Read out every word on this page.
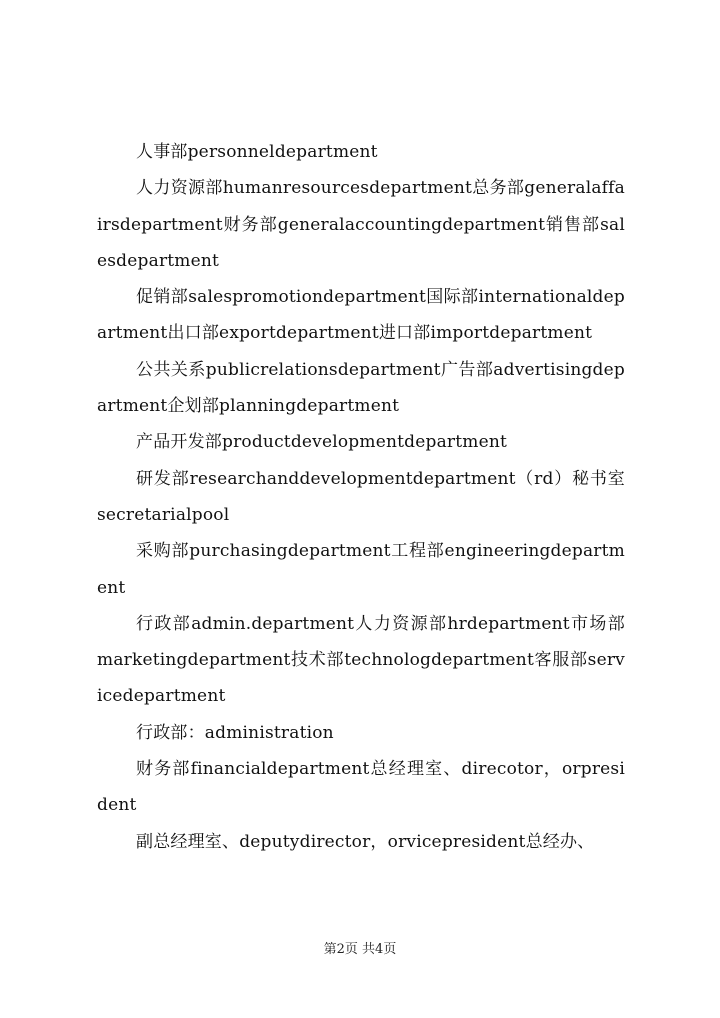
人事部personneldepartment

人力资源部humanresourcesdepartment总务部generalaffairsdepartment财务部generalaccountingdepartment销售部salesdepartment

促销部salespromotiondepartment国际部internationaldepartment出口部exportdepartment进口部importdepartment

公共关系publicrelationsdepartment广告部advertisingdepartment企划部planningdepartment

产品开发部productdevelopmentdepartment

研发部researchanddevelopmentdepartment（rd）秘书室secretarialpool

采购部purchasingdepartment工程部engineeringdepartment

行政部admin.department人力资源部hrdepartment市场部marketingdepartment技术部technologdepartment客服部servicedepartment

行政部：administration

财务部financialdepartment总经理室、direcotor，orpresident

副总经理室、deputydirector，orvicepresident总经办、

第2页 共4页
